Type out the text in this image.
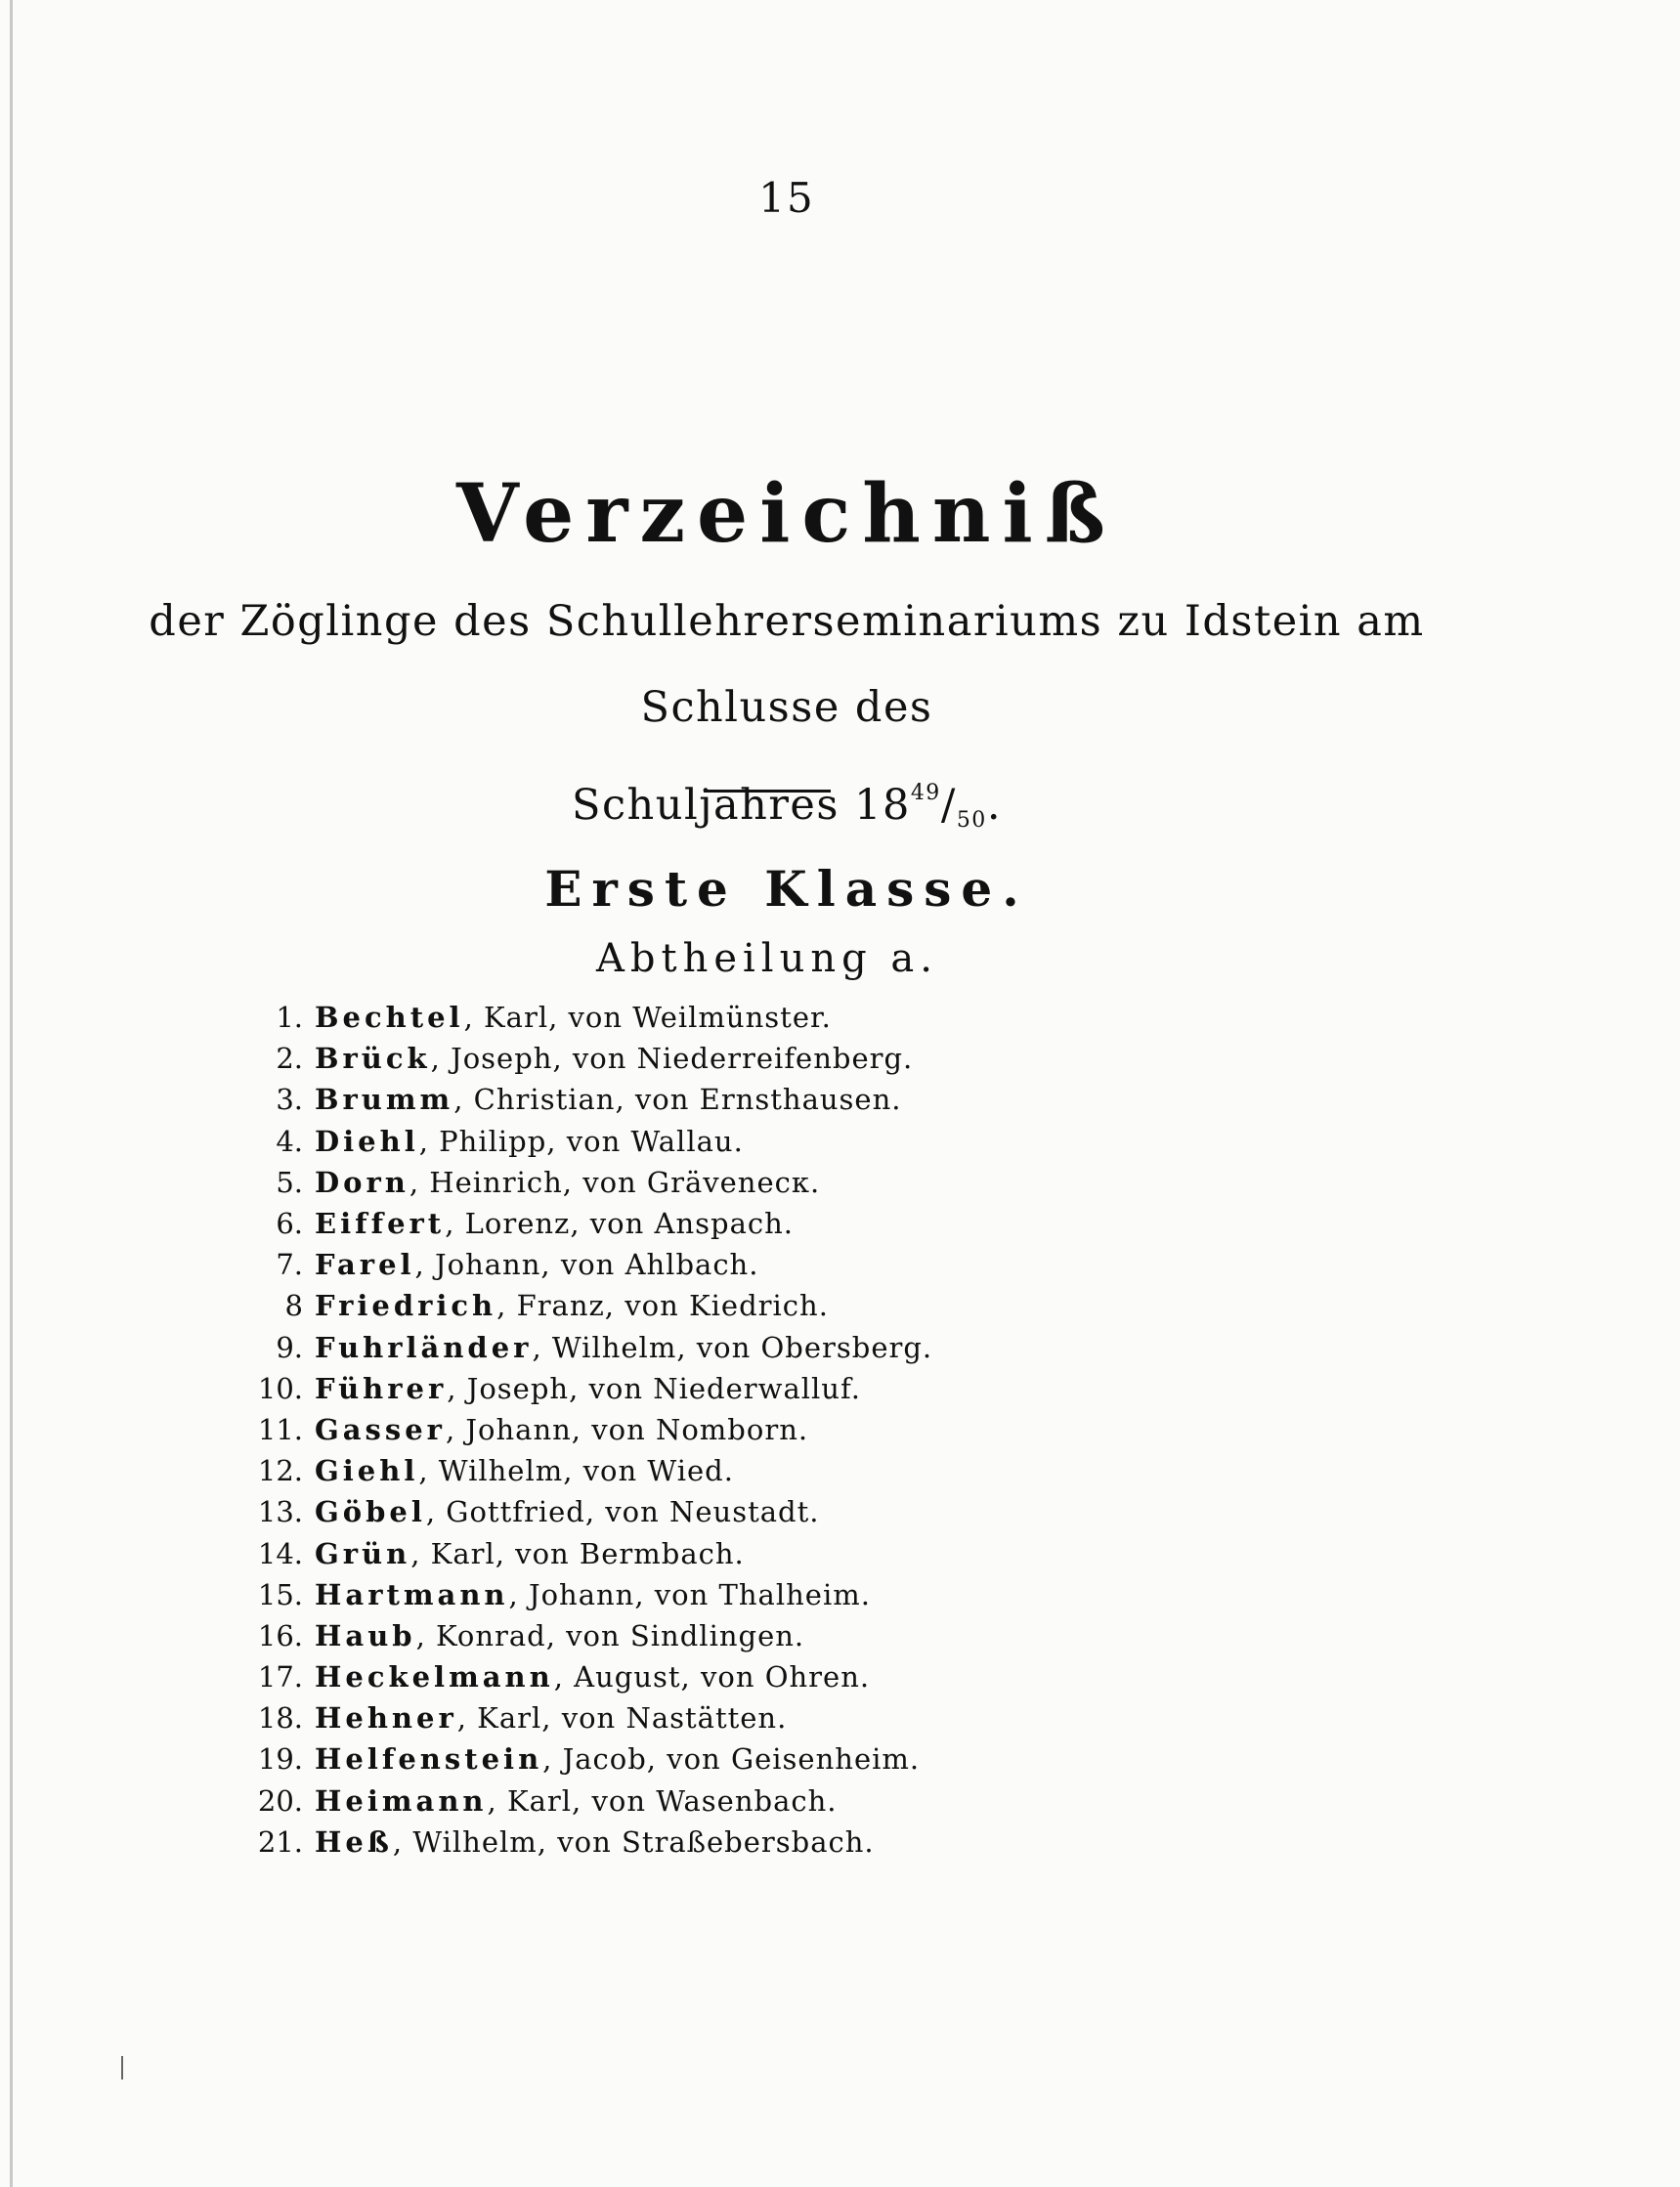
15
Verzeichniß
der Zöglinge des Schullehrerseminariums zu Idstein am Schlusse des
Schuljahres $18^{49}/_{50}$.
Erste Klasse.
Abtheilung a.
1. Bechtel , Karl, von Weilmünster.
2. Brück , Joseph, von Niederreifenberg.
3. Brumm , Christian, von Ernsthausen.
4. Diehl , Philipp, von Wallau.
5. Dorn , Heinrich, von Grävenecк.
6. Eiffert , Lorenz, von Anspach.
7. Farel , Johann, von Ahlbach.
8 Friedrich , Franz, von Kiedrich.
9. Fuhrländer , Wilhelm, von Obersberg.
10. Führer , Joseph, von Niederwalluf.
11. Gasser , Johann, von Nomborn.
12. Giehl , Wilhelm, von Wied.
13. Göbel , Gottfried, von Neustadt.
14. Grün , Karl, von Bermbach.
15. Hartmann , Johann, von Thalheim.
16. Haub , Konrad, von Sindlingen.
17. Heckelmann , August, von Ohren.
18. Hehner , Karl, von Nastätten.
19. Helfenstein , Jacob, von Geisenheim.
20. Heimann , Karl, von Wasenbach.
21. Heß , Wilhelm, von Straßebersbach.
